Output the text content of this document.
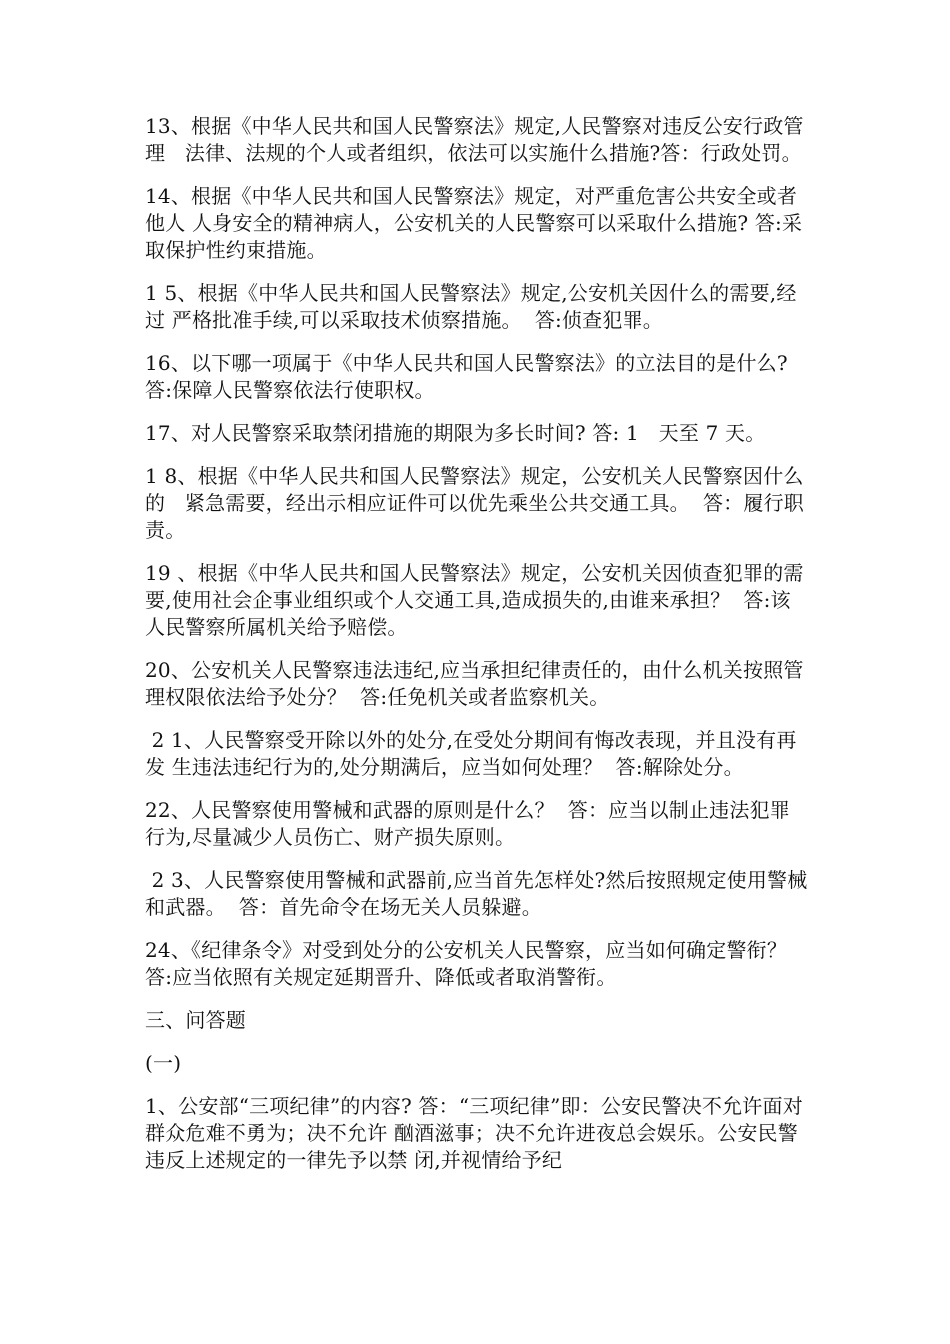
13、根据《中华人民共和国人民警察法》规定,人民警察对违反公安行政管理   法律、法规的个人或者组织，依法可以实施什么措施?答：行政处罚。

14、根据《中华人民共和国人民警察法》规定，对严重危害公共安全或者他人 人身安全的精神病人，公安机关的人民警察可以采取什么措施? 答:采取保护性约束措施。

1 5、根据《中华人民共和国人民警察法》规定,公安机关因什么的需要,经过 严格批准手续,可以采取技术侦察措施。  答:侦查犯罪。

16、以下哪一项属于《中华人民共和国人民警察法》的立法目的是什么? 答:保障人民警察依法行使职权。

17、对人民警察采取禁闭措施的期限为多长时间? 答: 1   天至 7 天。

1 8、根据《中华人民共和国人民警察法》规定，公安机关人民警察因什么的   紧急需要，经出示相应证件可以优先乘坐公共交通工具。  答：履行职责。

19 、根据《中华人民共和国人民警察法》规定，公安机关因侦查犯罪的需   要,使用社会企事业组织或个人交通工具,造成损失的,由谁来承担？  答:该人民警察所属机关给予赔偿。

20、公安机关人民警察违法违纪,应当承担纪律责任的，由什么机关按照管 理权限依法给予处分？  答:任免机关或者监察机关。

2 1、人民警察受开除以外的处分,在受处分期间有悔改表现，并且没有再发 生违法违纪行为的,处分期满后，应当如何处理？  答:解除处分。

22、人民警察使用警械和武器的原则是什么？  答：应当以制止违法犯罪行为,尽量减少人员伤亡、财产损失原则。

2 3、人民警察使用警械和武器前,应当首先怎样处?然后按照规定使用警械   和武器。  答：首先命令在场无关人员躲避。

24、《纪律条令》对受到处分的公安机关人民警察，应当如何确定警衔？  答:应当依照有关规定延期晋升、降低或者取消警衔。

三、问答题

(一)

1、公安部“三项纪律”的内容? 答：“三项纪律”即：公安民警决不允许面对群众危难不勇为；决不允许 酗酒滋事；决不允许进夜总会娱乐。公安民警违反上述规定的一律先予以禁 闭,并视情给予纪
